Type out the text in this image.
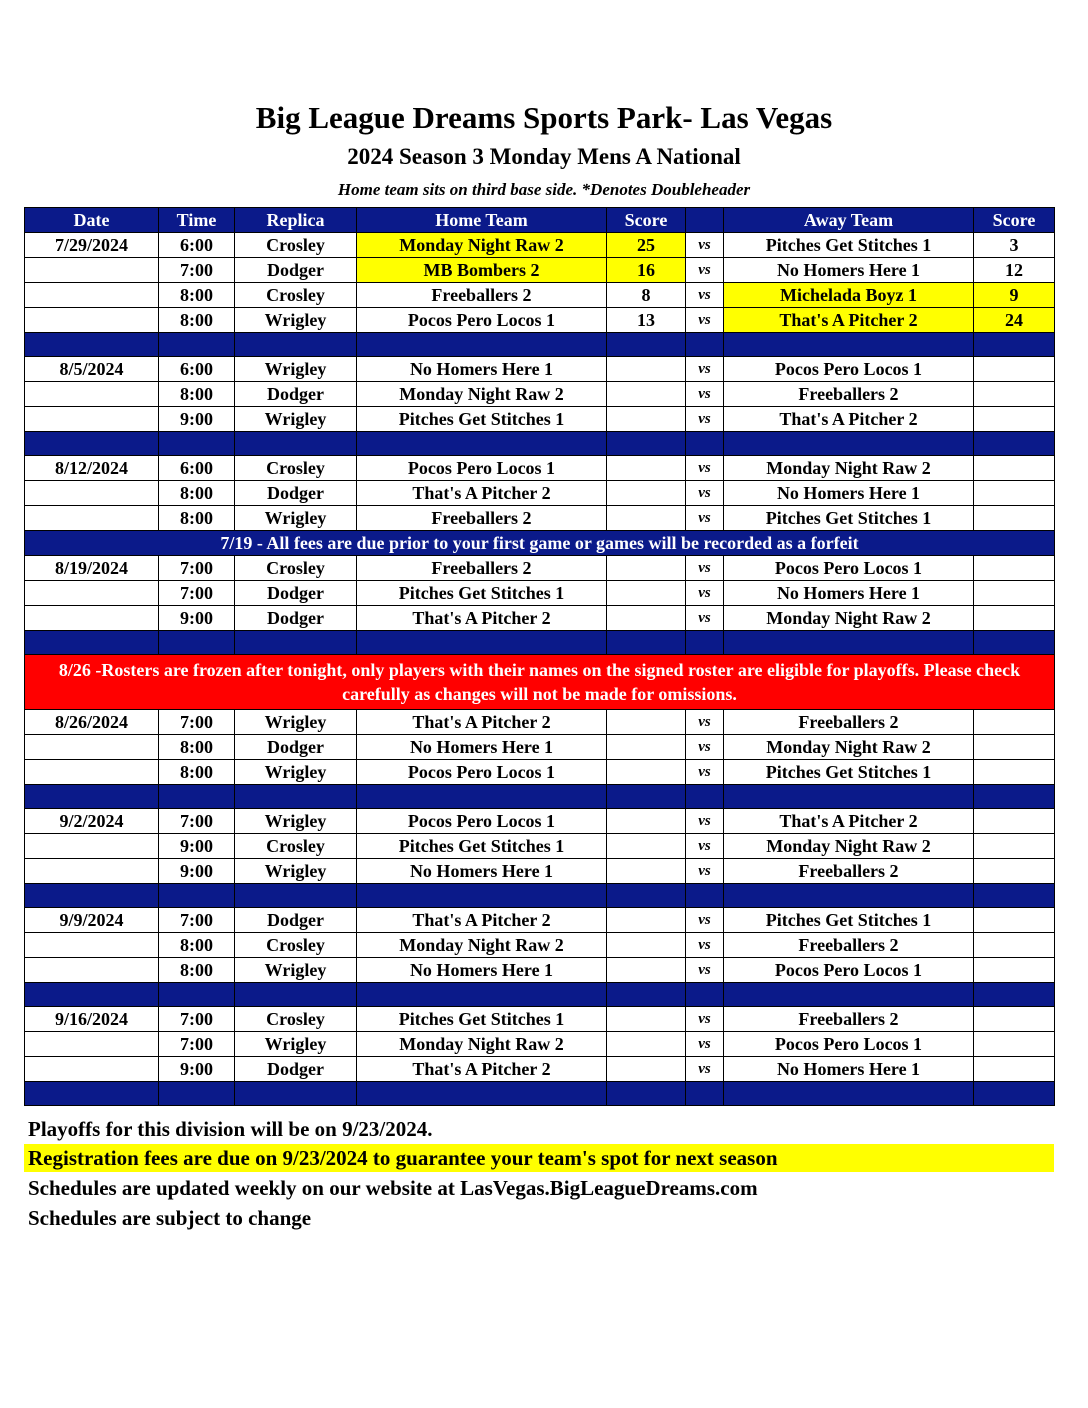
Big League Dreams Sports Park- Las Vegas
2024 Season 3 Monday Mens A National
Home team sits on third base side. *Denotes Doubleheader
Date	Time	Replica	Home Team	Score		Away Team	Score
7/29/2024	6:00	Crosley	Monday Night Raw 2	25	vs	Pitches Get Stitches 1	3
	7:00	Dodger	MB Bombers 2	16	vs	No Homers Here 1	12
	8:00	Crosley	Freeballers 2	8	vs	Michelada Boyz 1	9
	8:00	Wrigley	Pocos Pero Locos 1	13	vs	That's A Pitcher 2	24

8/5/2024	6:00	Wrigley	No Homers Here 1		vs	Pocos Pero Locos 1	
	8:00	Dodger	Monday Night Raw 2		vs	Freeballers 2	
	9:00	Wrigley	Pitches Get Stitches 1		vs	That's A Pitcher 2	

8/12/2024	6:00	Crosley	Pocos Pero Locos 1		vs	Monday Night Raw 2	
	8:00	Dodger	That's A Pitcher 2		vs	No Homers Here 1	
	8:00	Wrigley	Freeballers 2		vs	Pitches Get Stitches 1	
7/19 - All fees are due prior to your first game or games will be recorded as a forfeit							
8/19/2024	7:00	Crosley	Freeballers 2		vs	Pocos Pero Locos 1	
	7:00	Dodger	Pitches Get Stitches 1		vs	No Homers Here 1	
	9:00	Dodger	That's A Pitcher 2		vs	Monday Night Raw 2	

8/26 -Rosters are frozen after tonight, only players with their names on the signed roster are eligible for playoffs. Please check carefully as changes will not be made for omissions.							
8/26/2024	7:00	Wrigley	That's A Pitcher 2		vs	Freeballers 2	
	8:00	Dodger	No Homers Here 1		vs	Monday Night Raw 2	
	8:00	Wrigley	Pocos Pero Locos 1		vs	Pitches Get Stitches 1	

9/2/2024	7:00	Wrigley	Pocos Pero Locos 1		vs	That's A Pitcher 2	
	9:00	Crosley	Pitches Get Stitches 1		vs	Monday Night Raw 2	
	9:00	Wrigley	No Homers Here 1		vs	Freeballers 2	

9/9/2024	7:00	Dodger	That's A Pitcher 2		vs	Pitches Get Stitches 1	
	8:00	Crosley	Monday Night Raw 2		vs	Freeballers 2	
	8:00	Wrigley	No Homers Here 1		vs	Pocos Pero Locos 1	

9/16/2024	7:00	Crosley	Pitches Get Stitches 1		vs	Freeballers 2	
	7:00	Wrigley	Monday Night Raw 2		vs	Pocos Pero Locos 1	
	9:00	Dodger	That's A Pitcher 2		vs	No Homers Here 1	

Playoffs for this division will be on 9/23/2024.
Registration fees are due on 9/23/2024 to guarantee your team's spot for next season
Schedules are updated weekly on our website at LasVegas.BigLeagueDreams.com
Schedules are subject to change
